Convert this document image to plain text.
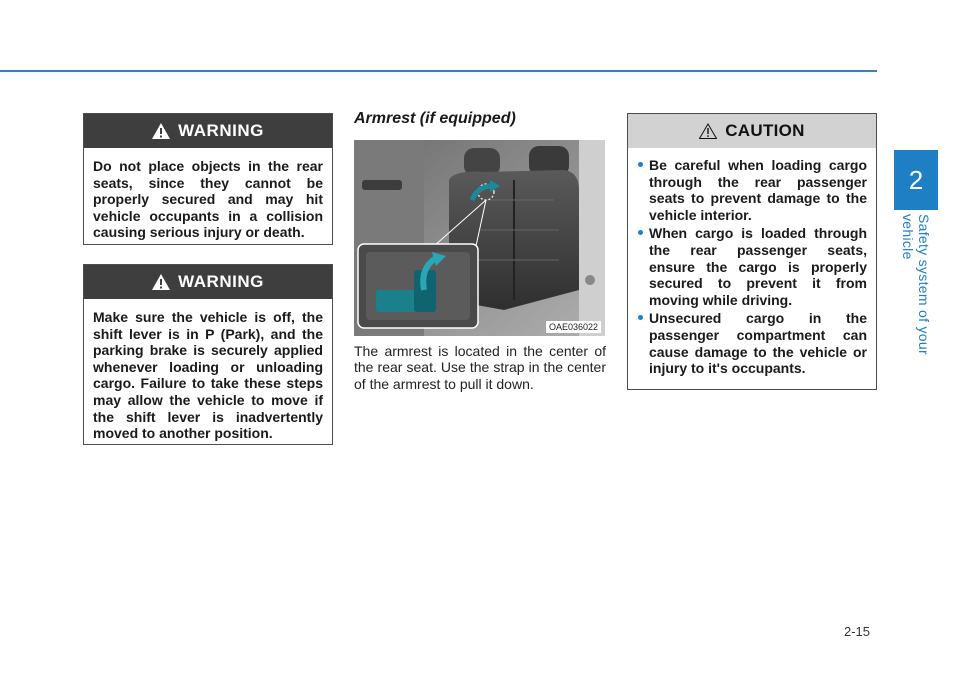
2
Safety system of your vehicle
WARNING
Do not place objects in the rear seats, since they cannot be properly secured and may hit vehicle occupants in a collision causing serious injury or death.
WARNING
Make sure the vehicle is off, the shift lever is in P (Park), and the parking brake is securely applied whenever loading or unloading cargo. Failure to take these steps may allow the vehicle to move if the shift lever is inadvertently moved to another position.
Armrest (if equipped)
OAE036022
The armrest is located in the center of the rear seat. Use the strap in the center of the armrest to pull it down.
CAUTION
Be careful when loading cargo through the rear passenger seats to prevent damage to the vehicle interior.
When cargo is loaded through the rear passenger seats, ensure the cargo is properly secured to prevent it from moving while driving.
Unsecured cargo in the passenger compartment can cause damage to the vehicle or injury to it's occupants.
2-15
